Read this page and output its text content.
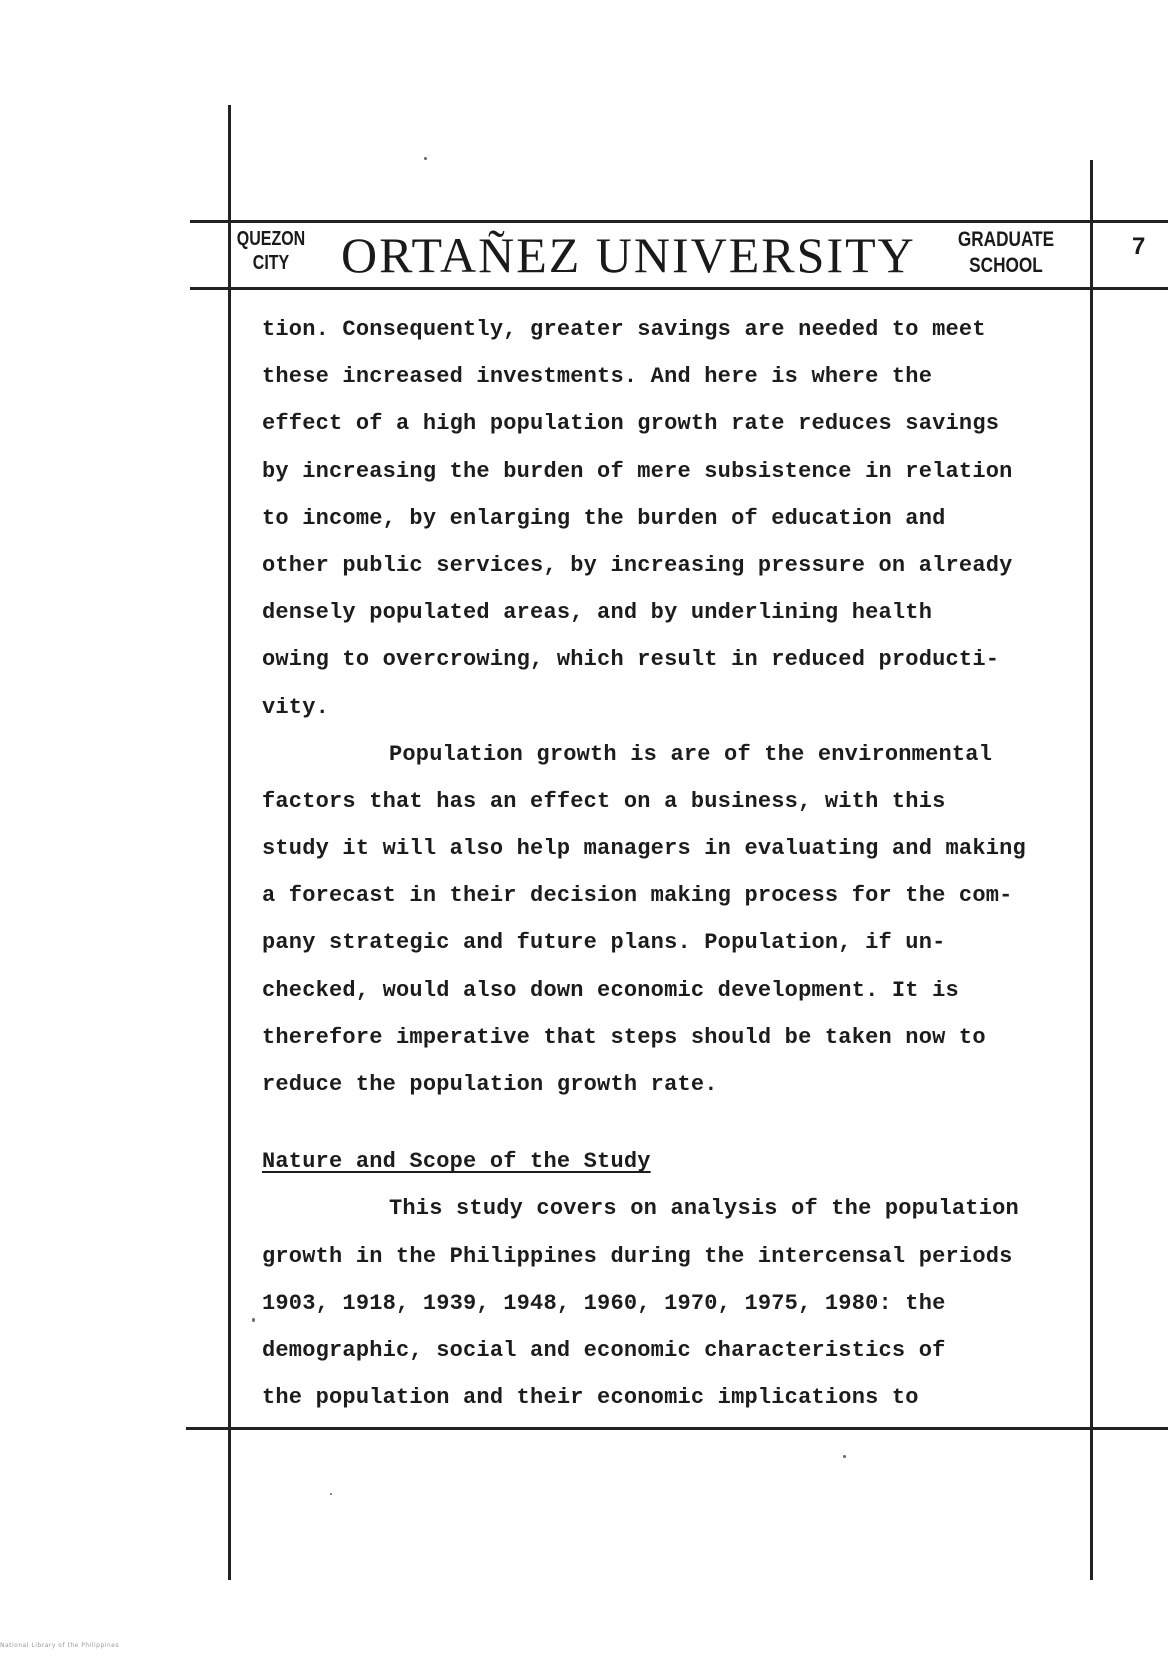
QUEZON
CITY	ORTAÑEZ UNIVERSITY	GRADUATE
SCHOOL
7
tion. Consequently, greater savings are needed to meet
these increased investments. And here is where the
effect of a high population growth rate reduces savings
by increasing the burden of mere subsistence in relation
to income, by enlarging the burden of education and
other public services, by increasing pressure on already
densely populated areas, and by underlining health
owing to overcrowing, which result in reduced producti-
vity.
Population growth is are of the environmental
factors that has an effect on a business, with this
study it will also help managers in evaluating and making
a forecast in their decision making process for the com-
pany strategic and future plans. Population, if un-
checked, would also down economic development. It is
therefore imperative that steps should be taken now to
reduce the population growth rate.
Nature and Scope of the Study
This study covers on analysis of the population
growth in the Philippines during the intercensal periods
1903, 1918, 1939, 1948, 1960, 1970, 1975, 1980: the
demographic, social and economic characteristics of
the population and their economic implications to
National Library of the Philippines
